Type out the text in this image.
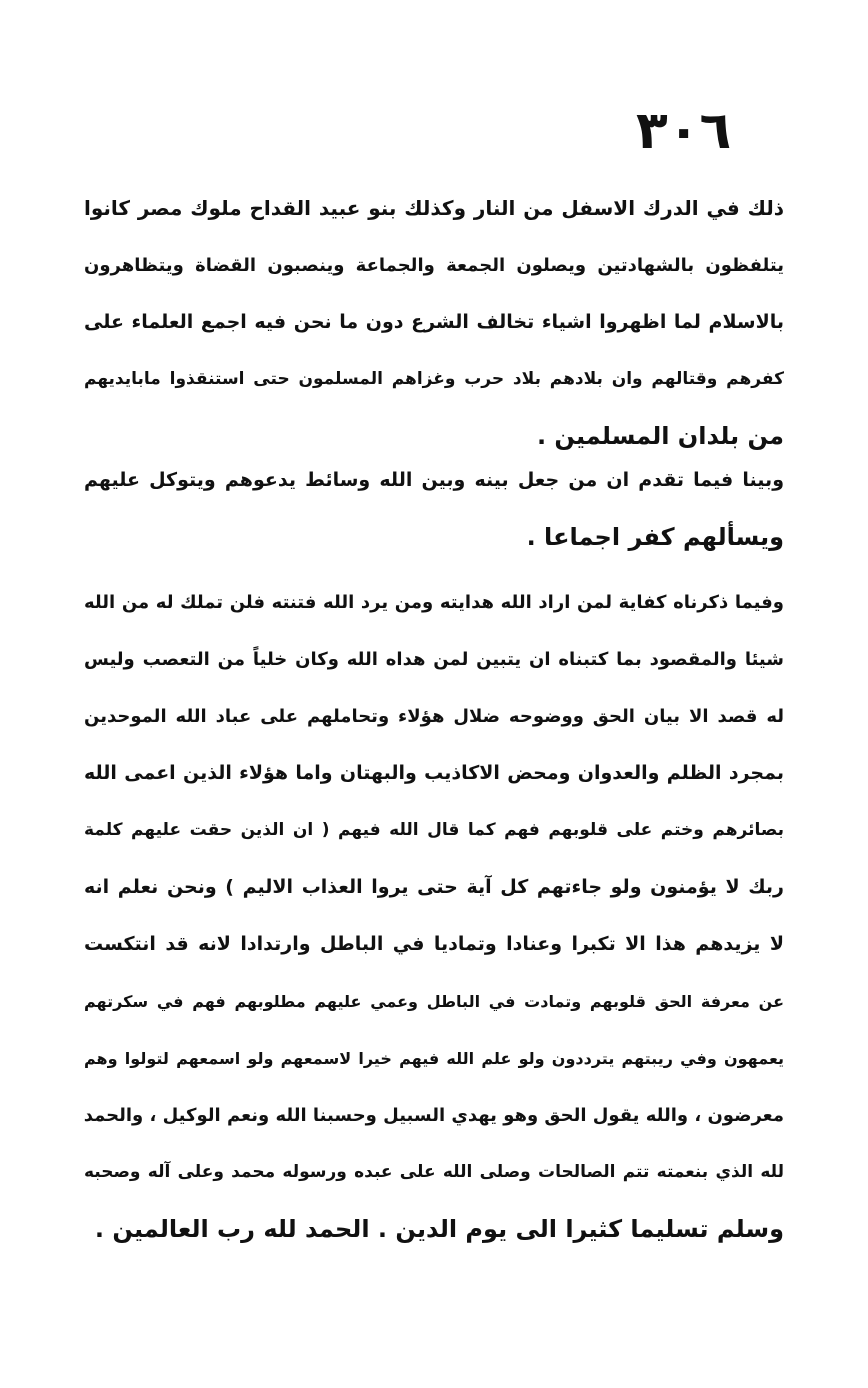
٣٠٦
ذلك في الدرك الاسفل من النار وكذلك بنو عبيد القداح ملوك مصر كانوا
يتلفظون بالشهادتين ويصلون الجمعة والجماعة وينصبون القضاة ويتظاهرون
بالاسلام لما اظهروا اشياء تخالف الشرع دون ما نحن فيه اجمع العلماء على
كفرهم وقتالهم وان بلادهم بلاد حرب وغزاهم المسلمون حتى استنقذوا مابايديهم
من بلدان المسلمين .
وبينا فيما تقدم ان من جعل بينه وبين الله وسائط يدعوهم ويتوكل عليهم
ويسألهم كفر اجماعا .
وفيما ذكرناه كفاية لمن اراد الله هدايته ومن يرد الله فتنته فلن تملك له من الله
شيئا والمقصود بما كتبناه ان يتبين لمن هداه الله وكان خلياً من التعصب وليس
له قصد الا بيان الحق ووضوحه ضلال هؤلاء وتحاملهم على عباد الله الموحدين
بمجرد الظلم والعدوان ومحض الاكاذيب والبهتان واما هؤلاء الذين اعمى الله
بصائرهم وختم على قلوبهم فهم كما قال الله فيهم ( ان الذين حقت عليهم كلمة
ربك لا يؤمنون ولو جاءتهم كل آية حتى يروا العذاب الاليم ) ونحن نعلم انه
لا يزيدهم هذا الا تكبرا وعنادا وتماديا في الباطل وارتدادا لانه قد انتكست
عن معرفة الحق قلوبهم وتمادت في الباطل وعمي عليهم مطلوبهم فهم في سكرتهم
يعمهون وفي ريبتهم يترددون ولو علم الله فيهم خيرا لاسمعهم ولو اسمعهم لتولوا وهم
معرضون ، والله يقول الحق وهو يهدي السبيل وحسبنا الله ونعم الوكيل ، والحمد
لله الذي بنعمته تتم الصالحات وصلى الله على عبده ورسوله محمد وعلى آله وصحبه
وسلم تسليما كثيرا الى يوم الدين . الحمد لله رب العالمين .
